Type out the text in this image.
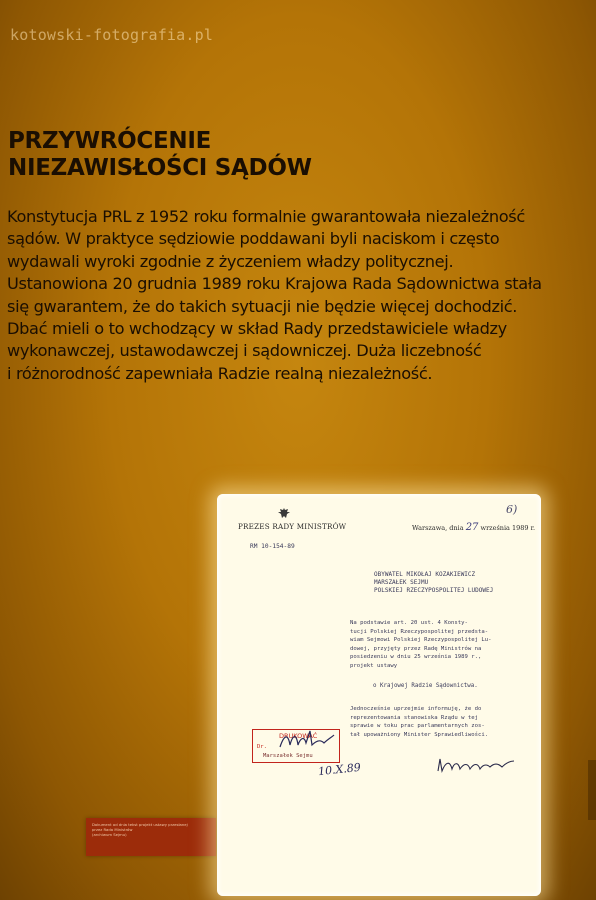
kotowski-fotografia.pl
PRZYWRÓCENIE
NIEZAWISŁOŚCI SĄDÓW
Konstytucja PRL z 1952 roku formalnie gwarantowała niezależność
sądów. W praktyce sędziowie poddawani byli naciskom i często
wydawali wyroki zgodnie z życzeniem władzy politycznej.
Ustanowiona 20 grudnia 1989 roku Krajowa Rada Sądownictwa stała
się gwarantem, że do takich sytuacji nie będzie więcej dochodzić.
Dbać mieli o to wchodzący w skład Rady przedstawiciele władzy
wykonawczej, ustawodawczej i sądowniczej. Duża liczebność
i różnorodność zapewniała Radzie realną niezależność.
Dokument od dnia tekst projekt ustawy przesłanej
przez Rada Ministrów
(archiwum Sejmu)
PREZES RADY MINISTRÓW	Warszawa, dnia 27 września 1989 r.
6)
RM 10-154-89
OBYWATEL MIKOŁAJ KOZAKIEWICZ
MARSZAŁEK SEJMU
POLSKIEJ RZECZYPOSPOLITEJ LUDOWEJ
Na podstawie art. 20 ust. 4 Konsty-
tucji Polskiej Rzeczypospolitej przedsta-
wiam Sejmowi Polskiej Rzeczypospolitej Lu-
dowej, przyjęty przez Radę Ministrów na
posiedzeniu w dniu 25 września 1989 r.,
projekt ustawy
o Krajowej Radzie Sądownictwa.
Jednocześnie uprzejmie informuję, że do
reprezentowania stanowiska Rządu w tej
sprawie w toku prac parlamentarnych zos-
tał upoważniony Minister Sprawiedliwości.
DRUKOWAĆ
Dr.
Marszałek Sejmu
10.X.89
